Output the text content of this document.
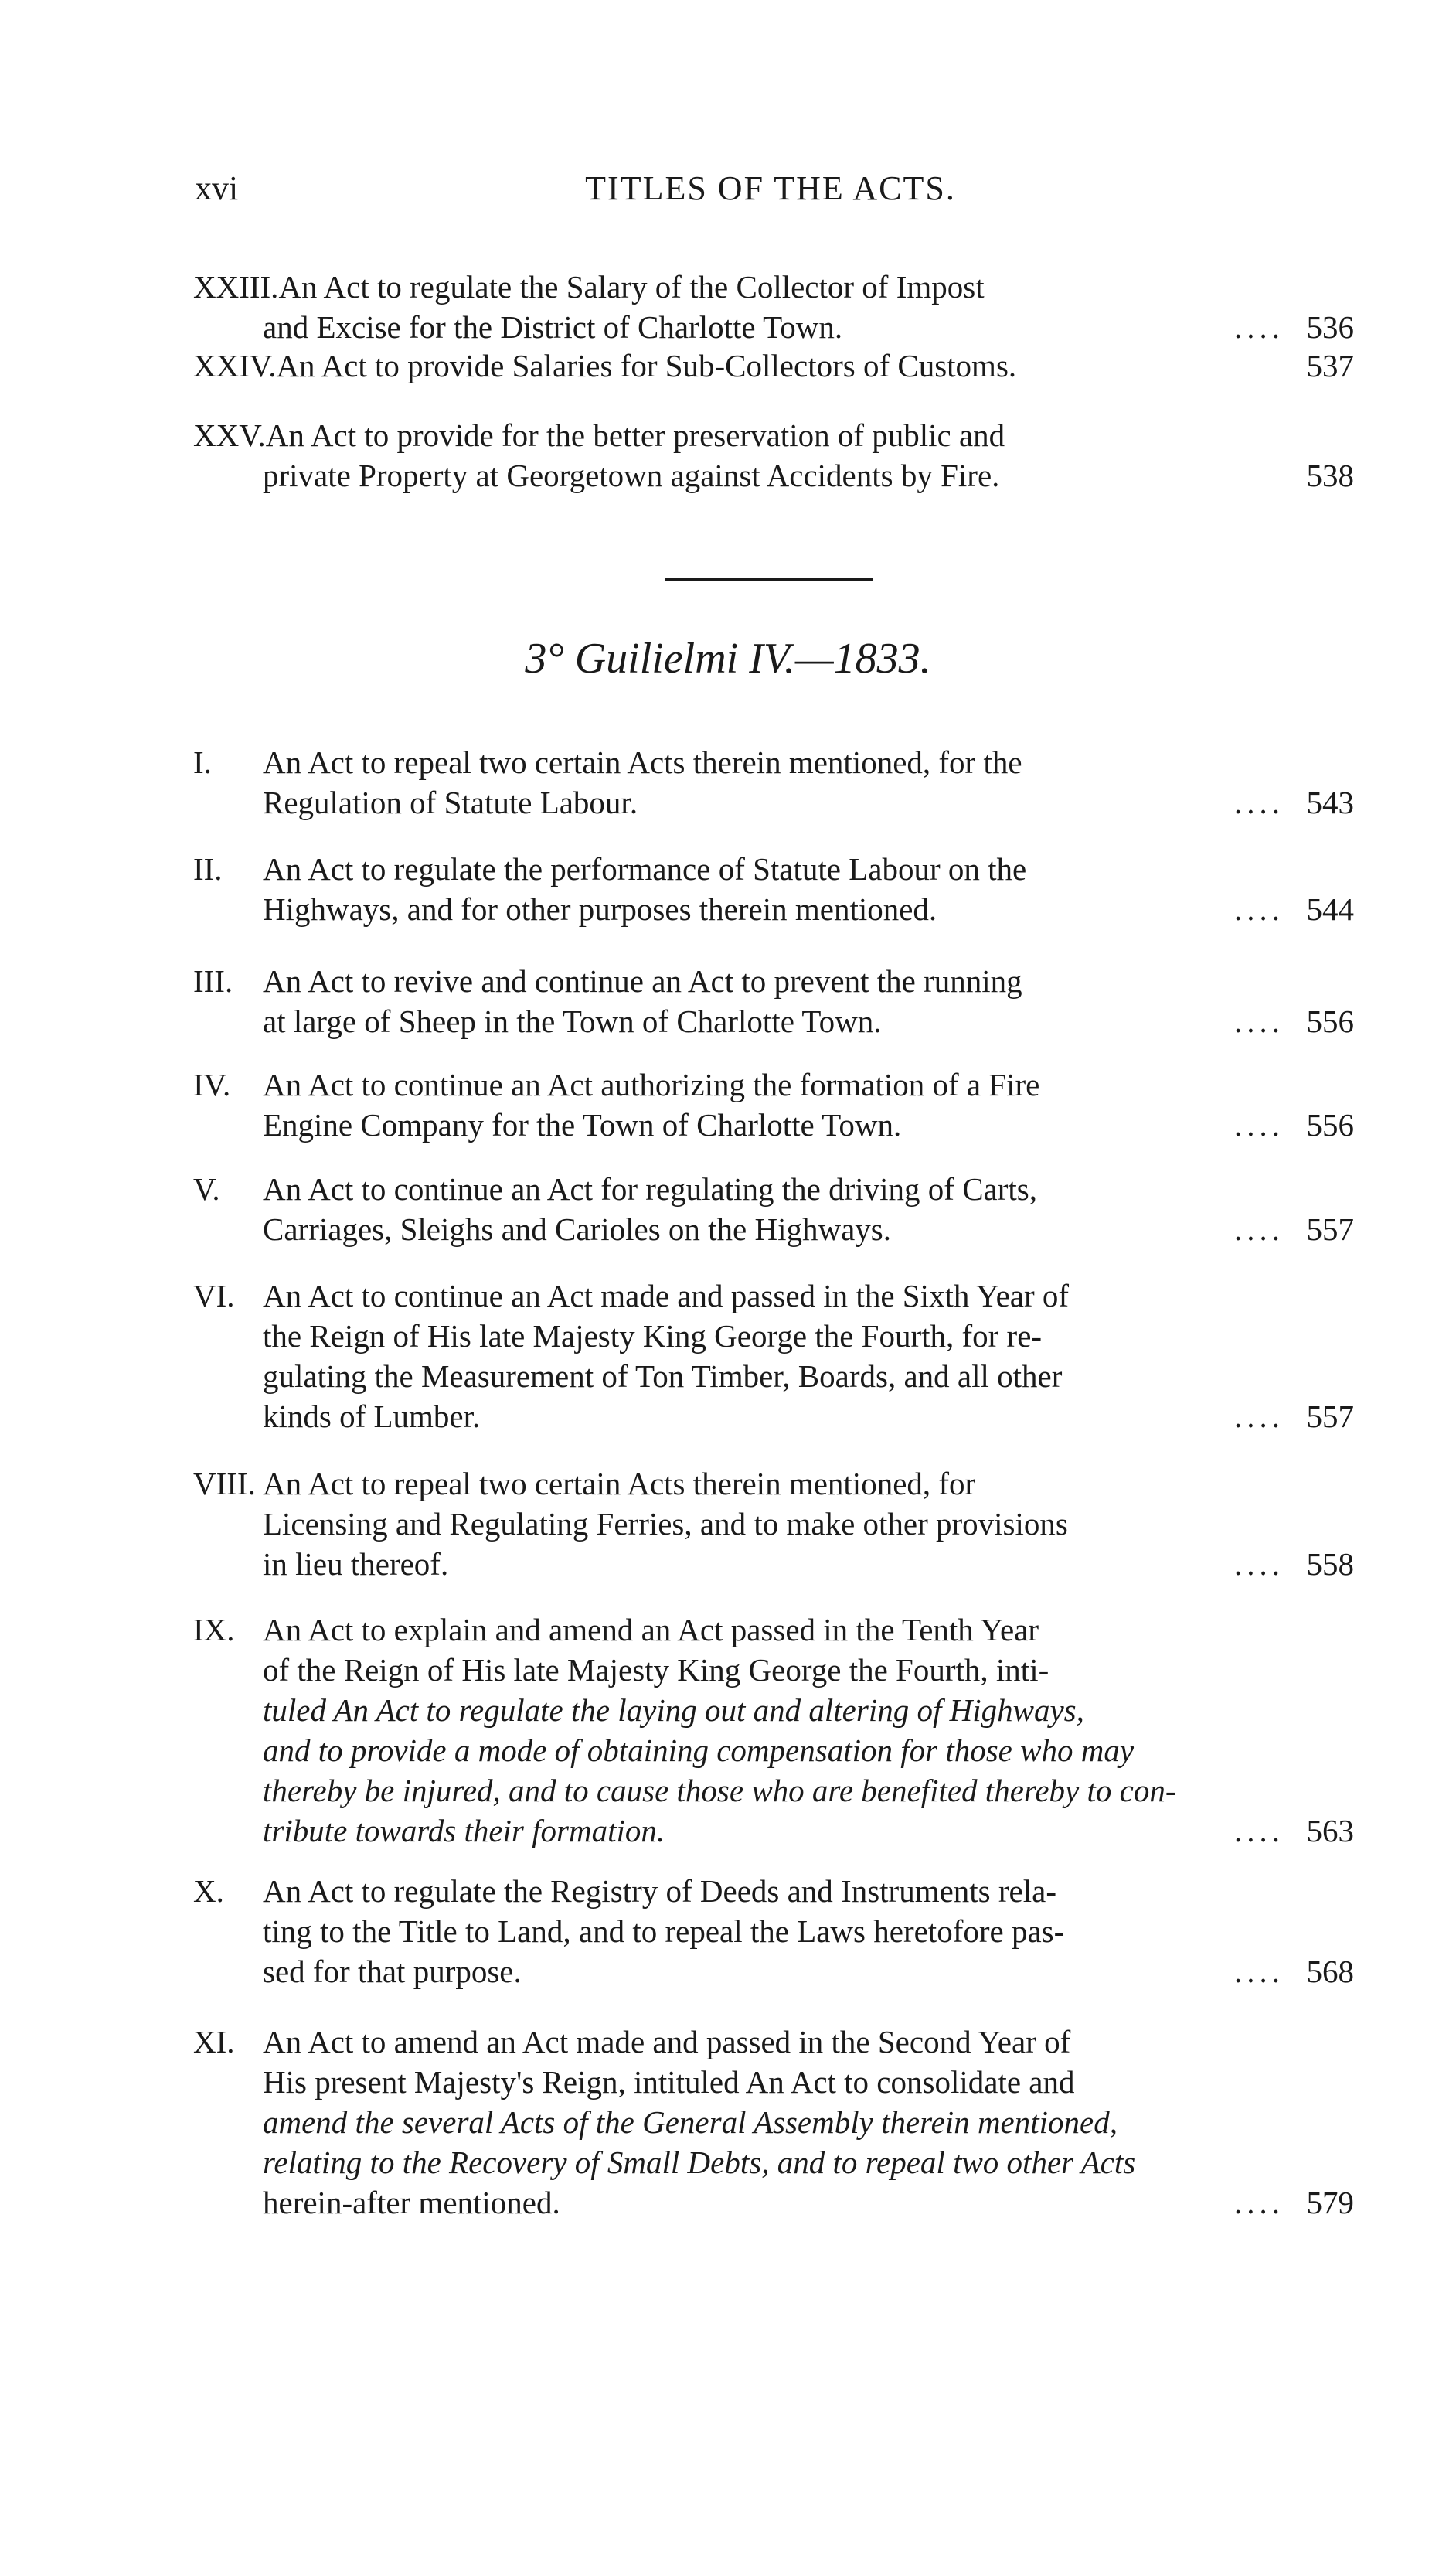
xvi	TITLES OF THE ACTS.
XXIII.An Act to regulate the Salary of the Collector of Impost
and Excise for the District of Charlotte Town.	.... 536
XXIV.An Act to provide Salaries for Sub-Collectors of Customs.	537
XXV.An Act to provide for the better preservation of public and
private Property at Georgetown against Accidents by Fire.	538
3° Guilielmi IV.—1833.
I. An Act to repeal two certain Acts therein mentioned, for the
Regulation of Statute Labour.	.... 543
II. An Act to regulate the performance of Statute Labour on the
Highways, and for other purposes therein mentioned.	.... 544
III. An Act to revive and continue an Act to prevent the running
at large of Sheep in the Town of Charlotte Town.	.... 556
IV. An Act to continue an Act authorizing the formation of a Fire
Engine Company for the Town of Charlotte Town.	.... 556
V. An Act to continue an Act for regulating the driving of Carts,
Carriages, Sleighs and Carioles on the Highways.	.... 557
VI. An Act to continue an Act made and passed in the Sixth Year of
the Reign of His late Majesty King George the Fourth, for re-
gulating the Measurement of Ton Timber, Boards, and all other
kinds of Lumber.	.... 557
VIII. An Act to repeal two certain Acts therein mentioned, for
Licensing and Regulating Ferries, and to make other provisions
in lieu thereof.	.... 558
IX. An Act to explain and amend an Act passed in the Tenth Year
of the Reign of His late Majesty King George the Fourth, inti-
tuled An Act to regulate the laying out and altering of Highways,
and to provide a mode of obtaining compensation for those who may
thereby be injured, and to cause those who are benefited thereby to con-
tribute towards their formation.	.... 563
X. An Act to regulate the Registry of Deeds and Instruments rela-
ting to the Title to Land, and to repeal the Laws heretofore pas-
sed for that purpose.	.... 568
XI. An Act to amend an Act made and passed in the Second Year of
His present Majesty's Reign, intituled An Act to consolidate and
amend the several Acts of the General Assembly therein mentioned,
relating to the Recovery of Small Debts, and to repeal two other Acts
herein-after mentioned.	.... 579
